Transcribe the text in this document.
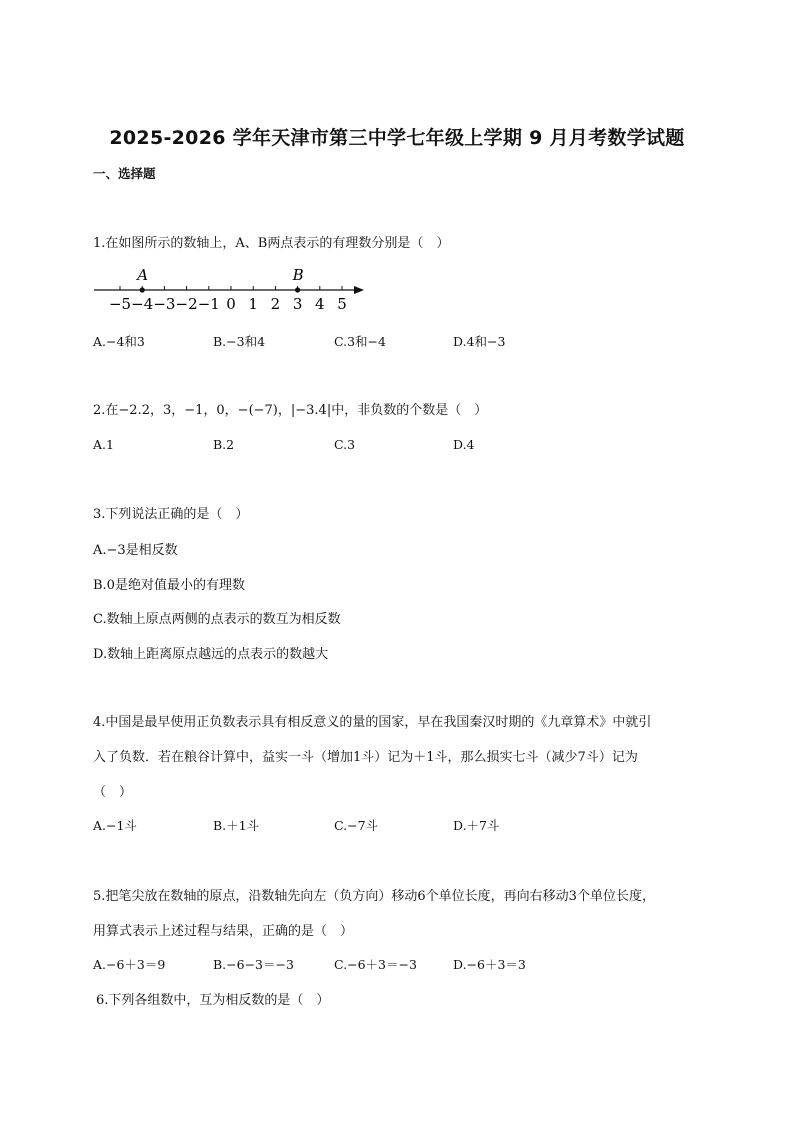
2025-2026 学年天津市第三中学七年级上学期 9 月月考数学试题
一、选择题
1.在如图所示的数轴上，A、B两点表示的有理数分别是（　）
−5 −4 −3 −2 −1 0 1 2 3 4 5
A	B
A.−4和3	B.−3和4	C.3和−4	D.4和−3
2.在−2.2，3，−1，0，−(−7)，|−3.4|中，非负数的个数是（　）
A.1	B.2	C.3	D.4
3.下列说法正确的是（　）
A.−3是相反数
B.0是绝对值最小的有理数
C.数轴上原点两侧的点表示的数互为相反数
D.数轴上距离原点越远的点表示的数越大
4.中国是最早使用正负数表示具有相反意义的量的国家，早在我国秦汉时期的《九章算术》中就引
入了负数．若在粮谷计算中，益实一斗（增加1斗）记为＋1斗，那么损实七斗（减少7斗）记为
（　）
A.−1斗	B.＋1斗	C.−7斗	D.＋7斗
5.把笔尖放在数轴的原点，沿数轴先向左（负方向）移动6个单位长度，再向右移动3个单位长度，
用算式表示上述过程与结果，正确的是（　）
A.−6＋3＝9	B.−6−3＝−3	C.−6＋3＝−3	D.−6＋3＝3
6.下列各组数中，互为相反数的是（　）
